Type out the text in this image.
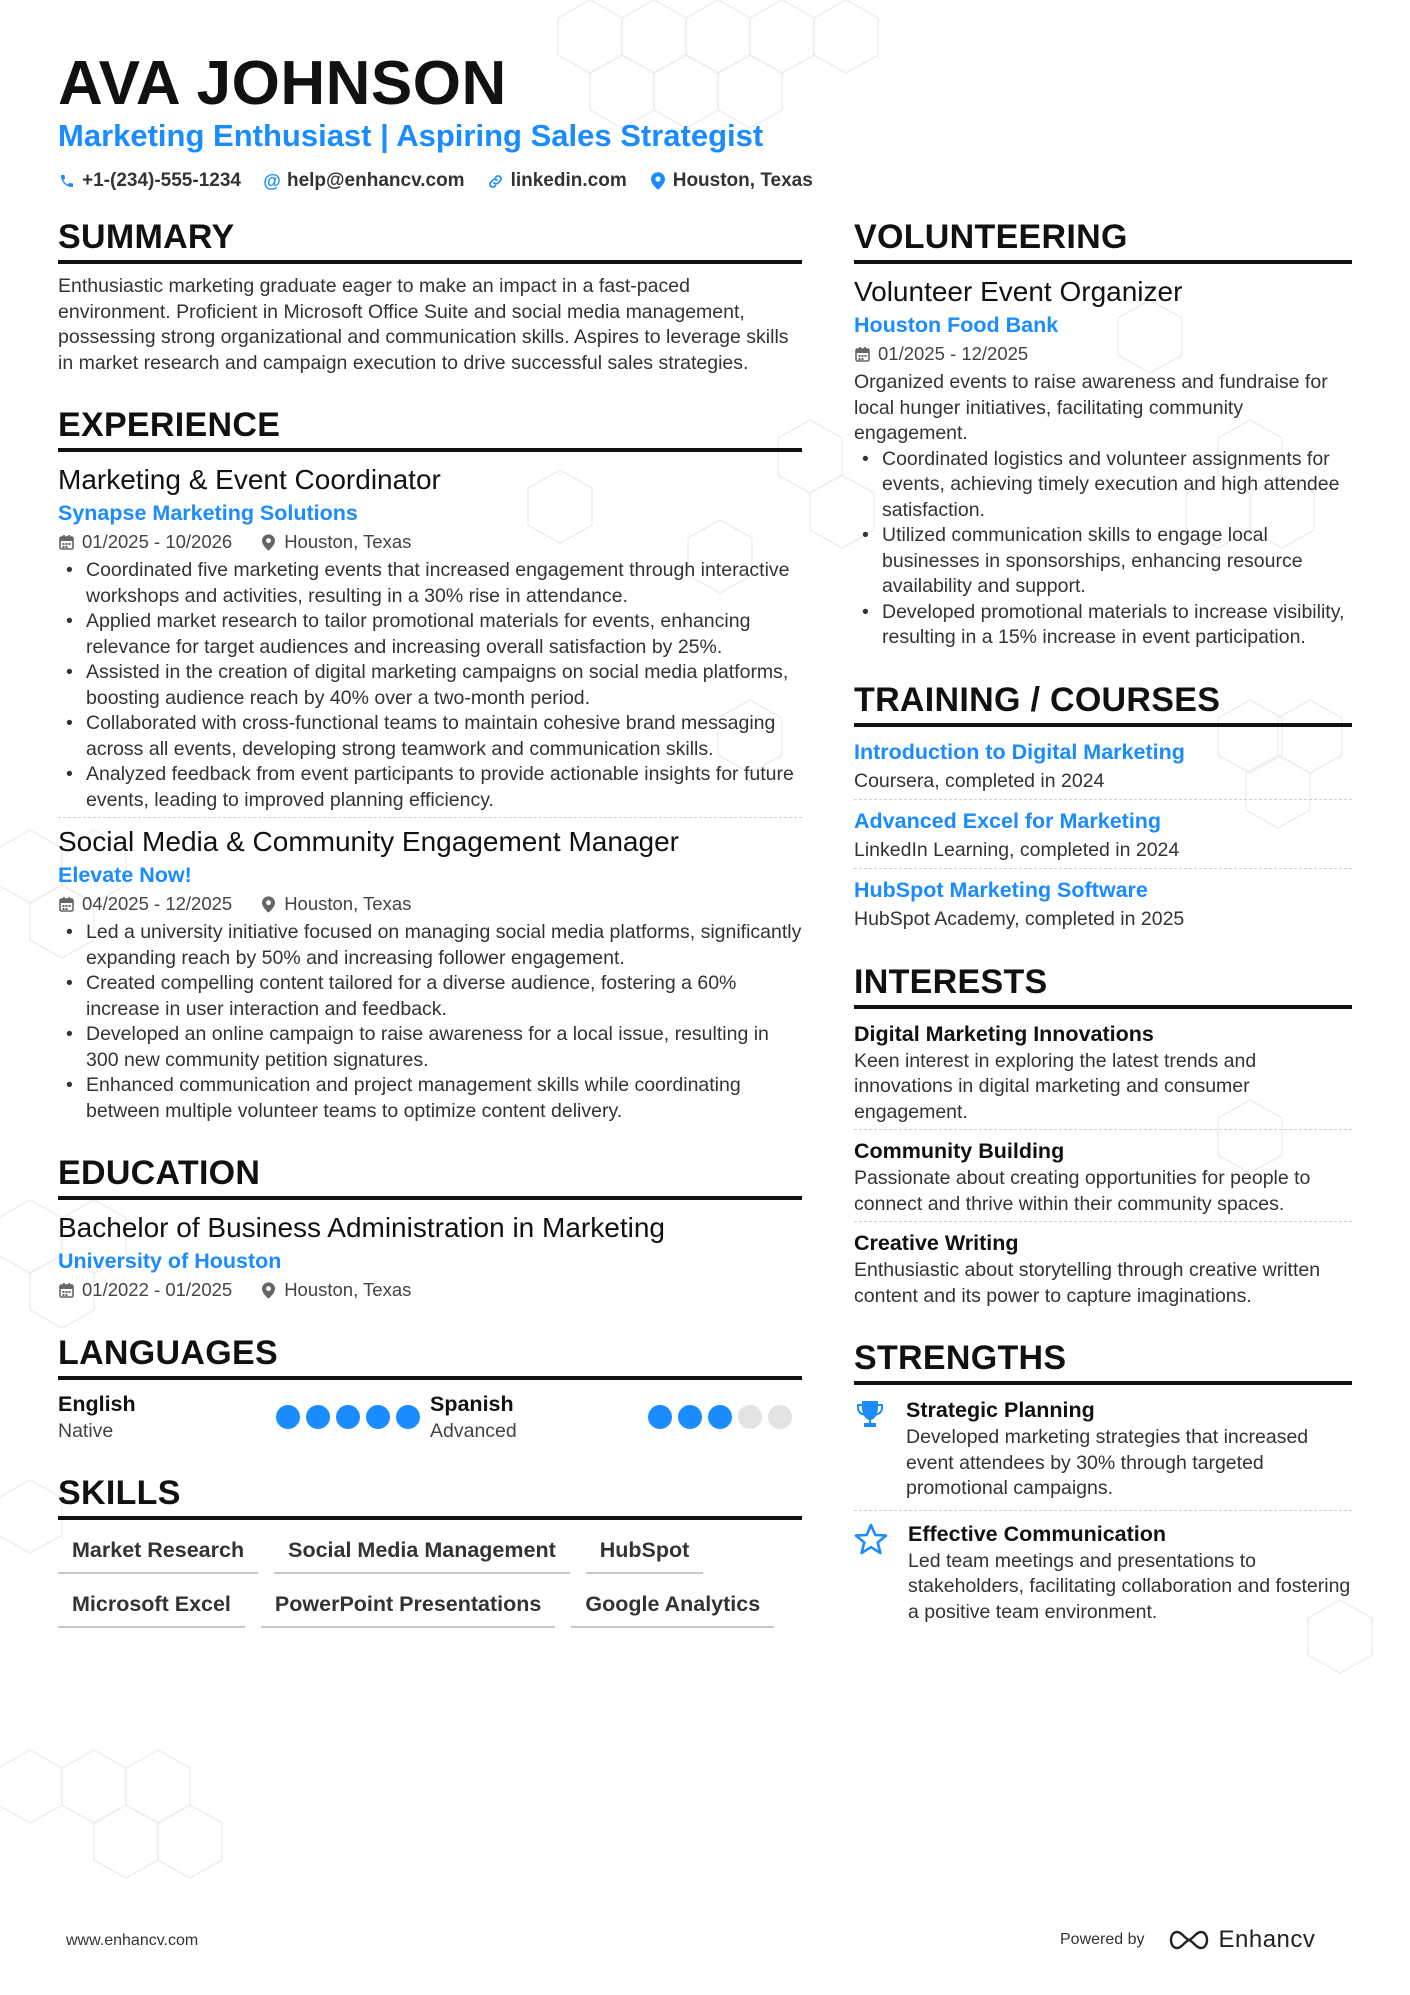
AVA JOHNSON
Marketing Enthusiast | Aspiring Sales Strategist
+1-(234)-555-1234 @ help@enhancv.com linkedin.com Houston, Texas
SUMMARY
Enthusiastic marketing graduate eager to make an impact in a fast-paced environment. Proficient in Microsoft Office Suite and social media management, possessing strong organizational and communication skills. Aspires to leverage skills in market research and campaign execution to drive successful sales strategies.
EXPERIENCE
Marketing & Event Coordinator
Synapse Marketing Solutions
01/2025 - 10/2026	Houston, Texas
• Coordinated five marketing events that increased engagement through interactive workshops and activities, resulting in a 30% rise in attendance.
• Applied market research to tailor promotional materials for events, enhancing relevance for target audiences and increasing overall satisfaction by 25%.
• Assisted in the creation of digital marketing campaigns on social media platforms, boosting audience reach by 40% over a two-month period.
• Collaborated with cross-functional teams to maintain cohesive brand messaging across all events, developing strong teamwork and communication skills.
• Analyzed feedback from event participants to provide actionable insights for future events, leading to improved planning efficiency.
Social Media & Community Engagement Manager
Elevate Now!
04/2025 - 12/2025	Houston, Texas
• Led a university initiative focused on managing social media platforms, significantly expanding reach by 50% and increasing follower engagement.
• Created compelling content tailored for a diverse audience, fostering a 60% increase in user interaction and feedback.
• Developed an online campaign to raise awareness for a local issue, resulting in 300 new community petition signatures.
• Enhanced communication and project management skills while coordinating between multiple volunteer teams to optimize content delivery.
EDUCATION
Bachelor of Business Administration in Marketing
University of Houston
01/2022 - 01/2025	Houston, Texas
LANGUAGES
English
Native
Spanish
Advanced
SKILLS
Market Research	Social Media Management	HubSpot
Microsoft Excel	PowerPoint Presentations	Google Analytics
VOLUNTEERING
Volunteer Event Organizer
Houston Food Bank
01/2025 - 12/2025
Organized events to raise awareness and fundraise for local hunger initiatives, facilitating community engagement.
• Coordinated logistics and volunteer assignments for events, achieving timely execution and high attendee satisfaction.
• Utilized communication skills to engage local businesses in sponsorships, enhancing resource availability and support.
• Developed promotional materials to increase visibility, resulting in a 15% increase in event participation.
TRAINING / COURSES
Introduction to Digital Marketing
Coursera, completed in 2024
Advanced Excel for Marketing
LinkedIn Learning, completed in 2024
HubSpot Marketing Software
HubSpot Academy, completed in 2025
INTERESTS
Digital Marketing Innovations
Keen interest in exploring the latest trends and innovations in digital marketing and consumer engagement.
Community Building
Passionate about creating opportunities for people to connect and thrive within their community spaces.
Creative Writing
Enthusiastic about storytelling through creative written content and its power to capture imaginations.
STRENGTHS
Strategic Planning
Developed marketing strategies that increased event attendees by 30% through targeted promotional campaigns.
Effective Communication
Led team meetings and presentations to stakeholders, facilitating collaboration and fostering a positive team environment.
www.enhancv.com	Powered by	Enhancv
